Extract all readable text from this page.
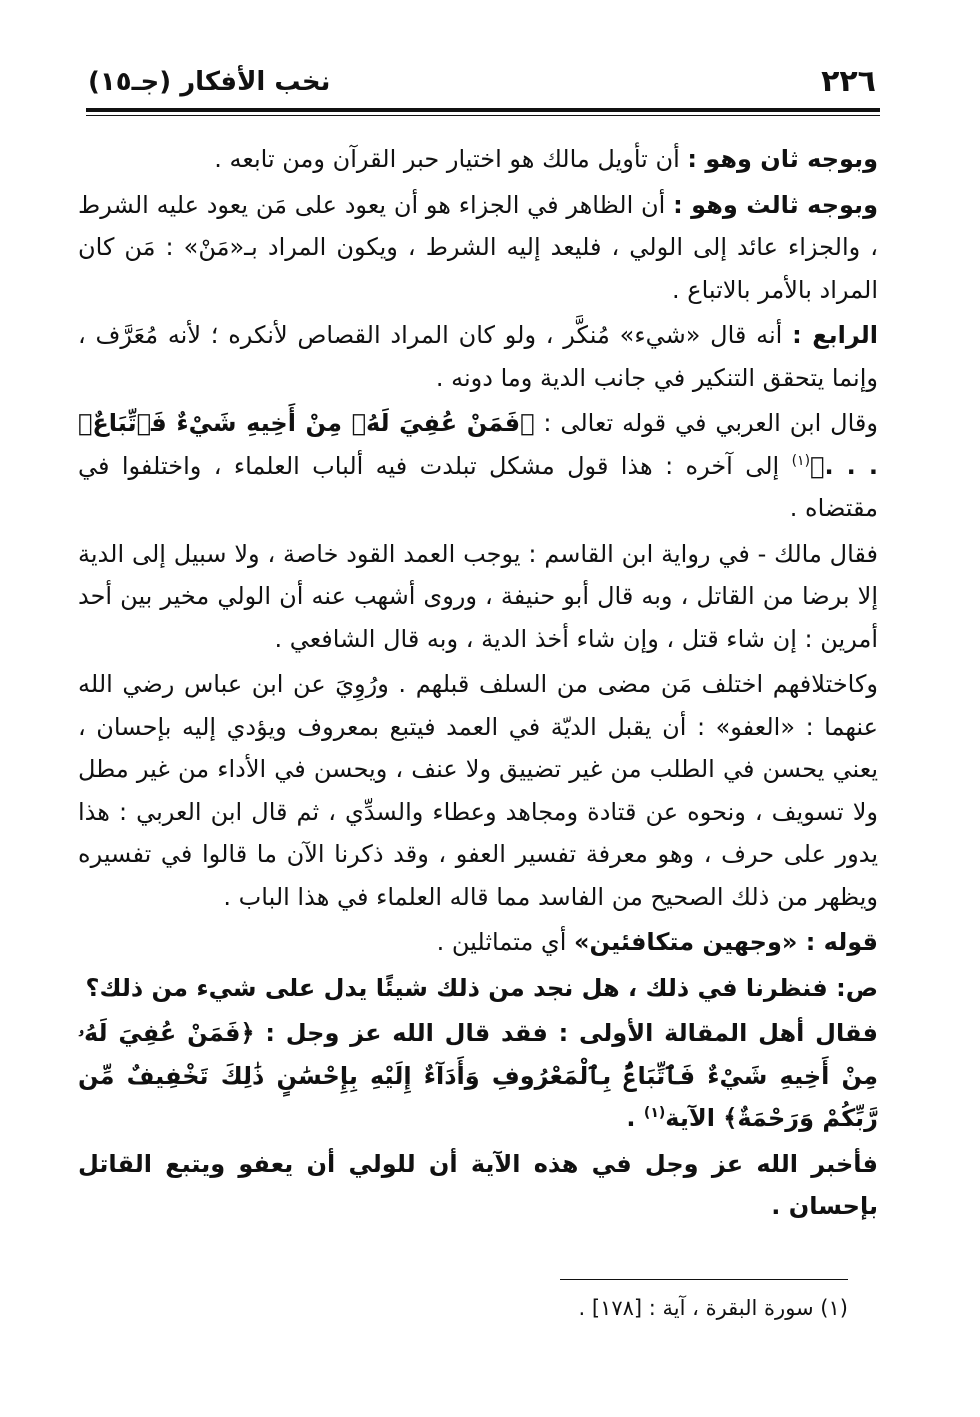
٢٢٦
نخب الأفكار (جـ١٥)

وبوجه ثان وهو : أن تأويل مالك هو اختيار حبر القرآن ومن تابعه .

وبوجه ثالث وهو : أن الظاهر في الجزاء هو أن يعود على مَن يعود عليه الشرط ، والجزاء عائد إلى الولي ، فليعد إليه الشرط ، ويكون المراد بـ«مَنْ» : مَن كان المراد بالأمر بالاتباع .

الرابع : أنه قال «شيء» مُنكَّر ، ولو كان المراد القصاص لأنكره ؛ لأنه مُعَرَّف ، وإنما يتحقق التنكير في جانب الدية وما دونه .

وقال ابن العربي في قوله تعالى : ﴿فَمَنْ عُفِيَ لَهُۥ مِنْ أَخِيهِ شَيْءٌ فَٱتِّبَاعٌۢ . . .﴾$^{(١)}$ إلى آخره : هذا قول مشكل تبلدت فيه ألباب العلماء ، واختلفوا في مقتضاه .

فقال مالك - في رواية ابن القاسم : يوجب العمد القود خاصة ، ولا سبيل إلى الدية إلا برضا من القاتل ، وبه قال أبو حنيفة ، وروى أشهب عنه أن الولي مخير بين أحد أمرين : إن شاء قتل ، وإن شاء أخذ الدية ، وبه قال الشافعي .

وكاختلافهم اختلف مَن مضى من السلف قبلهم . ورُوِيَ عن ابن عباس رضي الله عنهما : «العفو» : أن يقبل الديّة في العمد فيتبع بمعروف ويؤدي إليه بإحسان ، يعني يحسن في الطلب من غير تضييق ولا عنف ، ويحسن في الأداء من غير مطل ولا تسويف ، ونحوه عن قتادة ومجاهد وعطاء والسدِّي ، ثم قال ابن العربي : هذا يدور على حرف ، وهو معرفة تفسير العفو ، وقد ذكرنا الآن ما قالوا في تفسيره ويظهر من ذلك الصحيح من الفاسد مما قاله العلماء في هذا الباب .

قوله : «وجهين متكافئين» أي متماثلين .

ص: فنظرنا في ذلك ، هل نجد من ذلك شيئًا يدل على شيء من ذلك؟

فقال أهل المقالة الأولى : فقد قال الله عز وجل : ﴿فَمَنْ عُفِيَ لَهُۥ مِنْ أَخِيهِ شَيْءٌ فَٱتِّبَاعٌۢ بِٱلْمَعْرُوفِ وَأَدَآءٌ إِلَيْهِ بِإِحْسَٰنٍ ذَٰلِكَ تَخْفِيفٌ مِّن رَّبِّكُمْ وَرَحْمَةٌ﴾ الآية$^{(١)}$ .

فأخبر الله عز وجل في هذه الآية أن للولي أن يعفو ويتبع القاتل بإحسان .

(١) سورة البقرة ، آية : [١٧٨] .
